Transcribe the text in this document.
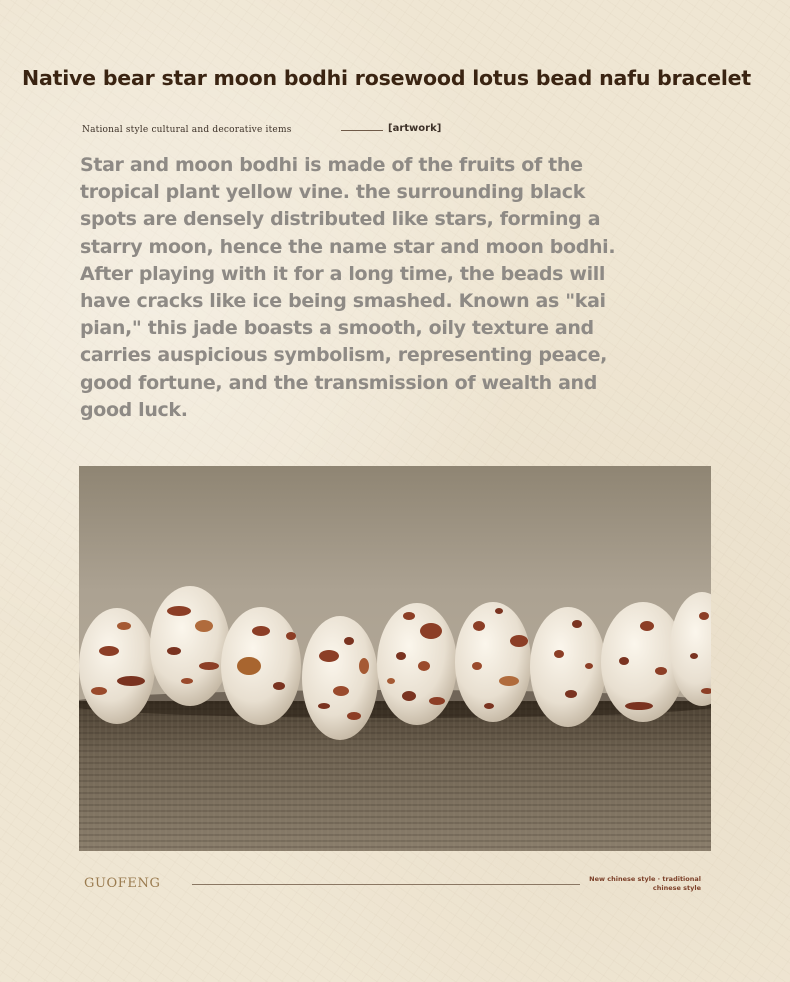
Native bear star moon bodhi rosewood lotus bead nafu bracelet
National style cultural and decorative items	[artwork]

Star and moon bodhi is made of the fruits of the tropical plant yellow vine. the surrounding black spots are densely distributed like stars, forming a starry moon, hence the name star and moon bodhi. After playing with it for a long time, the beads will have cracks like ice being smashed. Known as "kai pian," this jade boasts a smooth, oily texture and carries auspicious symbolism, representing peace, good fortune, and the transmission of wealth and good luck.

GUOFENG	New chinese style · traditional chinese style
